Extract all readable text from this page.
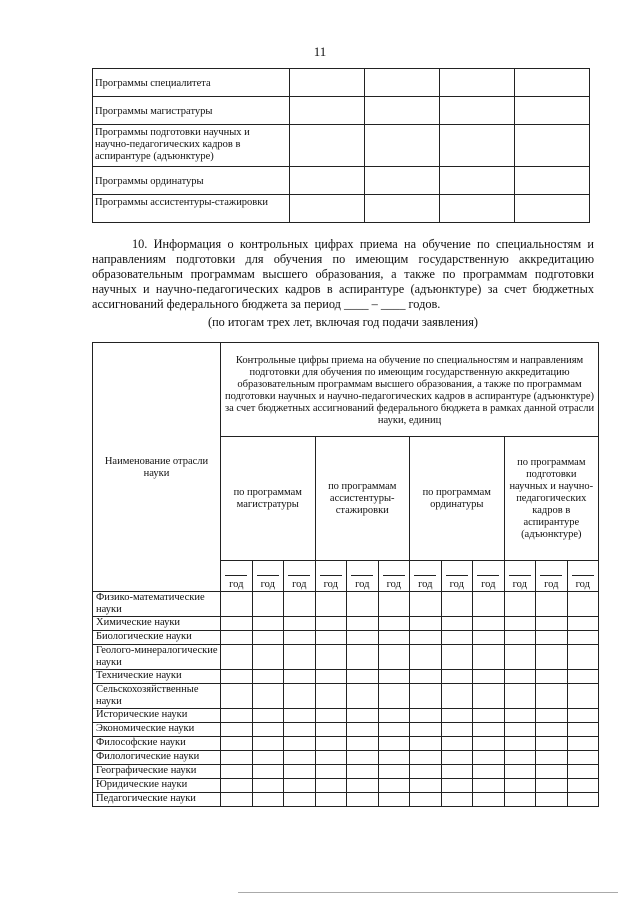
11
Программы специалитета				
Программы магистратуры				
Программы подготовки научных и научно-педагогических кадров в аспирантуре (адъюнктуре)				
Программы ординатуры				
Программы ассистентуры-стажировки				
10. Информация о контрольных цифрах приема на обучение по специальностям и направлениям подготовки для обучения по имеющим государственную аккредитацию образовательным программам высшего образования, а также по программам подготовки научных и научно-педагогических кадров в аспирантуре (адъюнктуре) за счет бюджетных ассигнований федерального бюджета за период ____ – ____ годов.
(по итогам трех лет, включая год подачи заявления)
Наименование отрасли науки	Контрольные цифры приема на обучение по специальностям и направлениям подготовки для обучения по имеющим государственную аккредитацию образовательным программам высшего образования, а также по программам подготовки научных и научно-педагогических кадров в аспирантуре (адъюнктуре) за счет бюджетных ассигнований федерального бюджета в рамках данной отрасли науки, единиц											
	по программам магистратуры			по программам ассистентуры-стажировки			по программам ординатуры			по программам подготовки научных и научно-педагогических кадров в аспирантуре (адъюнктуре)		

год	год	год	год	год	год	год	год	год	год	год	год
Физико-математические науки												
Химические науки												
Биологические науки												
Геолого-минералогические науки												
Технические науки												
Сельскохозяйственные науки												
Исторические науки												
Экономические науки												
Философские науки												
Филологические науки												
Географические науки												
Юридические науки												
Педагогические науки												
